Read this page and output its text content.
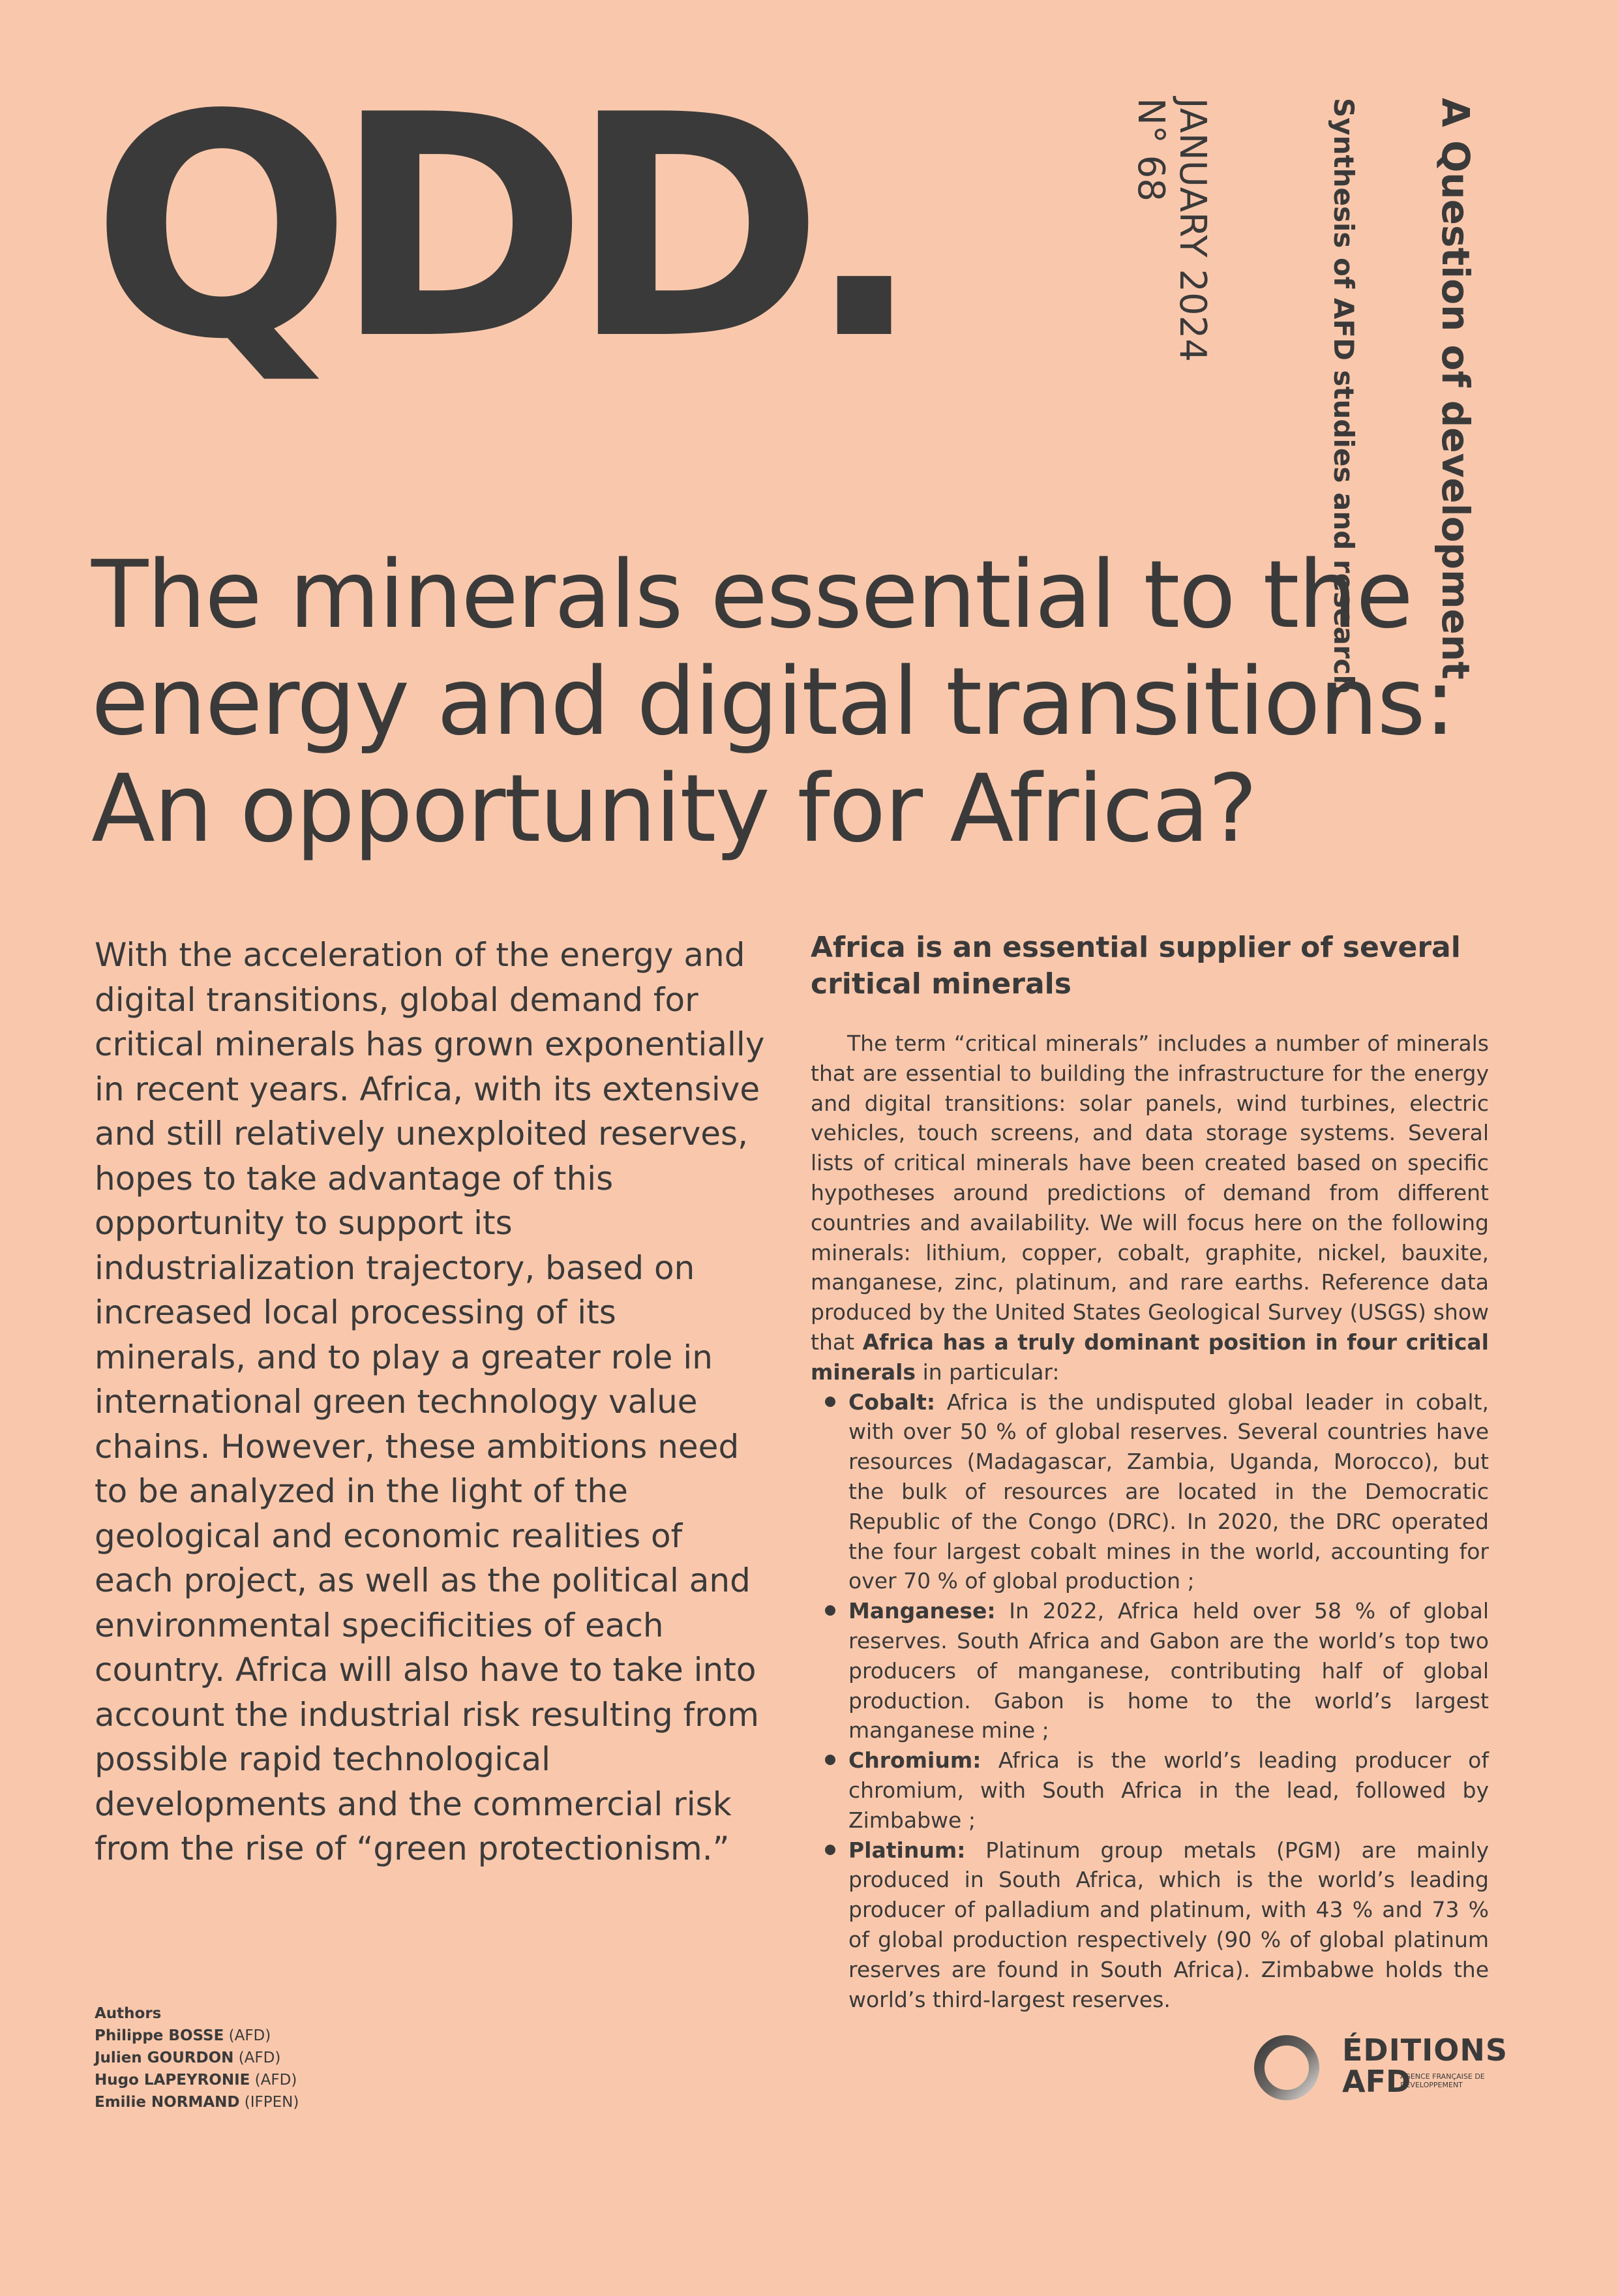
QDD.	A Question of development
Synthesis of AFD studies and research
JANUARY 2024
N° 68
The minerals essential to the energy and digital transitions: An opportunity for Africa?

With the acceleration of the energy and digital transitions, global demand for critical minerals has grown exponentially in recent years. Africa, with its extensive and still relatively unexploited reserves, hopes to take advantage of this opportunity to support its industrialization trajectory, based on increased local processing of its minerals, and to play a greater role in international green technology value chains. However, these ambitions need to be analyzed in the light of the geological and economic realities of each project, as well as the political and environmental specificities of each country. Africa will also have to take into account the industrial risk resulting from possible rapid technological developments and the commercial risk from the rise of “green protectionism.”

Africa is an essential supplier of several critical minerals

The term “critical minerals” includes a number of minerals that are essential to building the infrastructure for the energy and digital transitions: solar panels, wind turbines, electric vehicles, touch screens, and data storage systems. Several lists of critical minerals have been created based on specific hypotheses around predictions of demand from different countries and availability. We will focus here on the following minerals: lithium, copper, cobalt, graphite, nickel, bauxite, manganese, zinc, platinum, and rare earths. Reference data produced by the United States Geological Survey (USGS) show that Africa has a truly dominant position in four critical minerals in particular:

Cobalt: Africa is the undisputed global leader in cobalt, with over 50 % of global reserves. Several countries have resources (Madagascar, Zambia, Uganda, Morocco), but the bulk of resources are located in the Democratic Republic of the Congo (DRC). In 2020, the DRC operated the four largest cobalt mines in the world, accounting for over 70 % of global production ;
Manganese: In 2022, Africa held over 58 % of global reserves. South Africa and Gabon are the world’s top two producers of manganese, contributing half of global production. Gabon is home to the world’s largest manganese mine ;
Chromium: Africa is the world’s leading producer of chromium, with South Africa in the lead, followed by Zimbabwe ;
Platinum: Platinum group metals (PGM) are mainly produced in South Africa, which is the world’s leading producer of palladium and platinum, with 43 % and 73 % of global production respectively (90 % of global platinum reserves are found in South Africa). Zimbabwe holds the world’s third-largest reserves.
Authors
Philippe BOSSE (AFD)
Julien GOURDON (AFD)
Hugo LAPEYRONIE (AFD)
Emilie NORMAND (IFPEN)
ÉDITIONS
AFD
AGENCE FRANÇAISE DE DÉVELOPPEMENT
